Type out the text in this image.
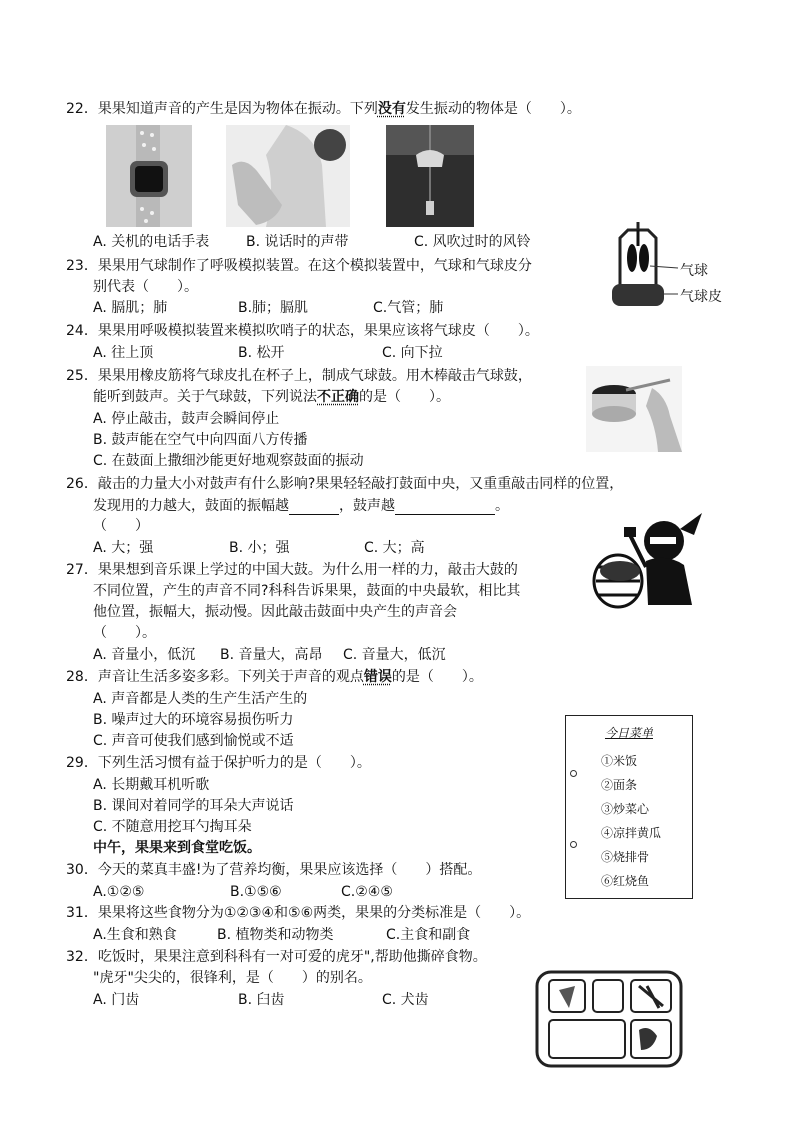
22．果果知道声音的产生是因为物体在振动。下列没有发生振动的物体是（　　）。
A. 关机的电话手表	B. 说话时的声带	C. 风吹过时的风铃
气球
气球皮
23．果果用气球制作了呼吸模拟装置。在这个模拟装置中，气球和气球皮分
别代表（　　）。
A. 膈肌；肺	B.肺；膈肌	C.气管；肺
24．果果用呼吸模拟装置来模拟吹哨子的状态，果果应该将气球皮（　　）。
A. 往上顶	B. 松开	C. 向下拉
25．果果用橡皮筋将气球皮扎在杯子上，制成气球鼓。用木棒敲击气球鼓，
能听到鼓声。关于气球鼓，下列说法不正确的是（　　）。
A. 停止敲击，鼓声会瞬间停止
B. 鼓声能在空气中向四面八方传播
C. 在鼓面上撒细沙能更好地观察鼓面的振动
26．敲击的力量大小对鼓声有什么影响?果果轻轻敲打鼓面中央，又重重敲击同样的位置，
发现用的力越大，鼓面的振幅越	，鼓声越	。
（　　）
A. 大；强	B. 小；强	C. 大；高
27．果果想到音乐课上学过的中国大鼓。为什么用一样的力，敲击大鼓的
不同位置，产生的声音不同?科科告诉果果，鼓面的中央最软，相比其
他位置，振幅大，振动慢。因此敲击鼓面中央产生的声音会
（　　）。
A. 音量小，低沉 B. 音量大，高昂 C. 音量大，低沉
28．声音让生活多姿多彩。下列关于声音的观点错误的是（　　）。
A. 声音都是人类的生产生活产生的
B. 噪声过大的环境容易损伤听力
C. 声音可使我们感到愉悦或不适	今日菜单
①米饭
②面条
③炒菜心
④凉拌黄瓜
⑤烧排骨
⑥红烧鱼
29．下列生活习惯有益于保护听力的是（　　）。
A. 长期戴耳机听歌
B. 课间对着同学的耳朵大声说话
C. 不随意用挖耳勺掏耳朵
中午，果果来到食堂吃饭。
30．今天的菜真丰盛!为了营养均衡，果果应该选择（　　）搭配。
A.①②⑤	B.①⑤⑥	C.②④⑤
31．果果将这些食物分为①②③④和⑤⑥两类，果果的分类标准是（　　）。
A.生食和熟食	B. 植物类和动物类	C.主食和副食
32．吃饭时，果果注意到科科有一对可爱的虎牙",帮助他撕碎食物。
"虎牙"尖尖的，很锋利，是（　　）的别名。
A. 门齿	B. 臼齿	C. 犬齿
